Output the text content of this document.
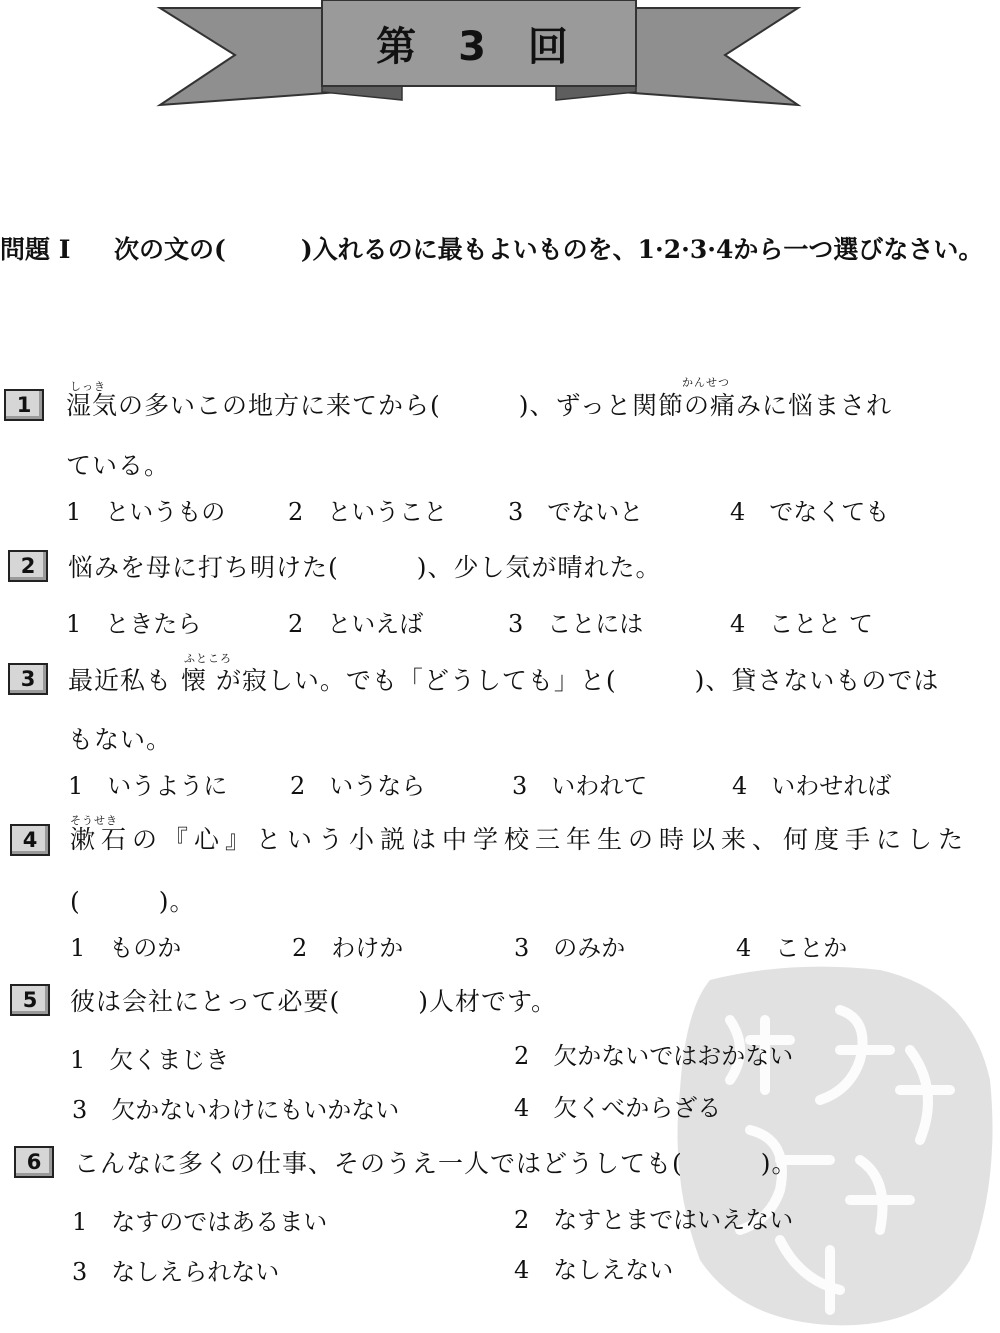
第 3 回
問題 I 次の文の(　　　)入れるのに最もよいものを、1·2·3·4から一つ選びなさい。
1
しっき	かんせつ
湿気の多いこの地方に来てから(　　　)、ずっと関節の痛みに悩まされ
ている。
1　というもの	2　ということ	3　でないと	4　でなくても
2	悩みを母に打ち明けた(　　　)、少し気が晴れた。
1　ときたら	2　といえば	3　ことには	4　ことと て
3
ふところ
最近私も 懐 が寂しい。でも「どうしても」と(　　　)、貸さないものでは
もない。
1　いうように	2　いうなら	3　いわれて	4　いわせれば
4
そうせき
漱石の『心』という小説は中学校三年生の時以来、何度手にした
(　　　)。
1　ものか	2　わけか	3　のみか	4　ことか
5	彼は会社にとって必要(　　　)人材です。
1　欠くまじき	2　欠かないではおかない
3　欠かないわけにもいかない	4　欠くべからざる
6	こんなに多くの仕事、そのうえ一人ではどうしても(　　　)。
1　なすのではあるまい	2　なすとまではいえない
3　なしえられない	4　なしえない
